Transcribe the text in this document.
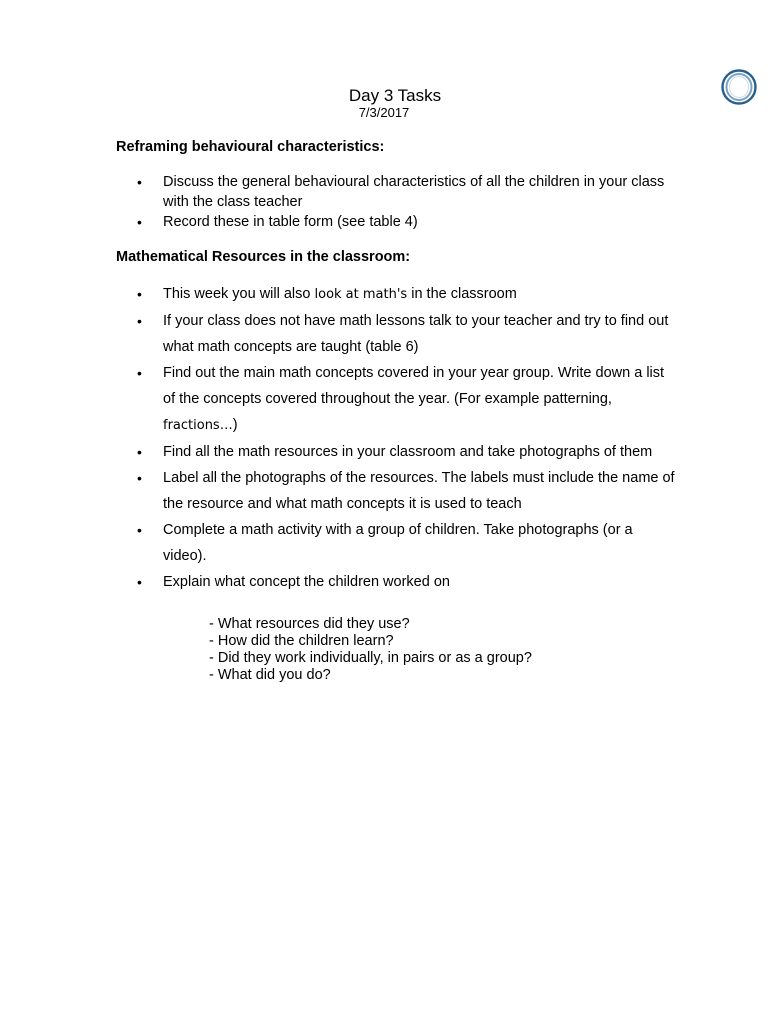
Day 3 Tasks
7/3/2017
Reframing behavioural characteristics:
• Discuss the general behavioural characteristics of all the children in your class with the class teacher
• Record these in table form (see table 4)
Mathematical Resources in the classroom:
• This week you will also look at math's in the classroom
• If your class does not have math lessons talk to your teacher and try to find out what math concepts are taught (table 6)
• Find out the main math concepts covered in your year group. Write down a list of the concepts covered throughout the year. (For example patterning, fractions…)
• Find all the math resources in your classroom and take photographs of them
• Label all the photographs of the resources. The labels must include the name of the resource and what math concepts it is used to teach
• Complete a math activity with a group of children. Take photographs (or a video).
• Explain what concept the children worked on
- What resources did they use?
- How did the children learn?
- Did they work individually, in pairs or as a group?
- What did you do?
